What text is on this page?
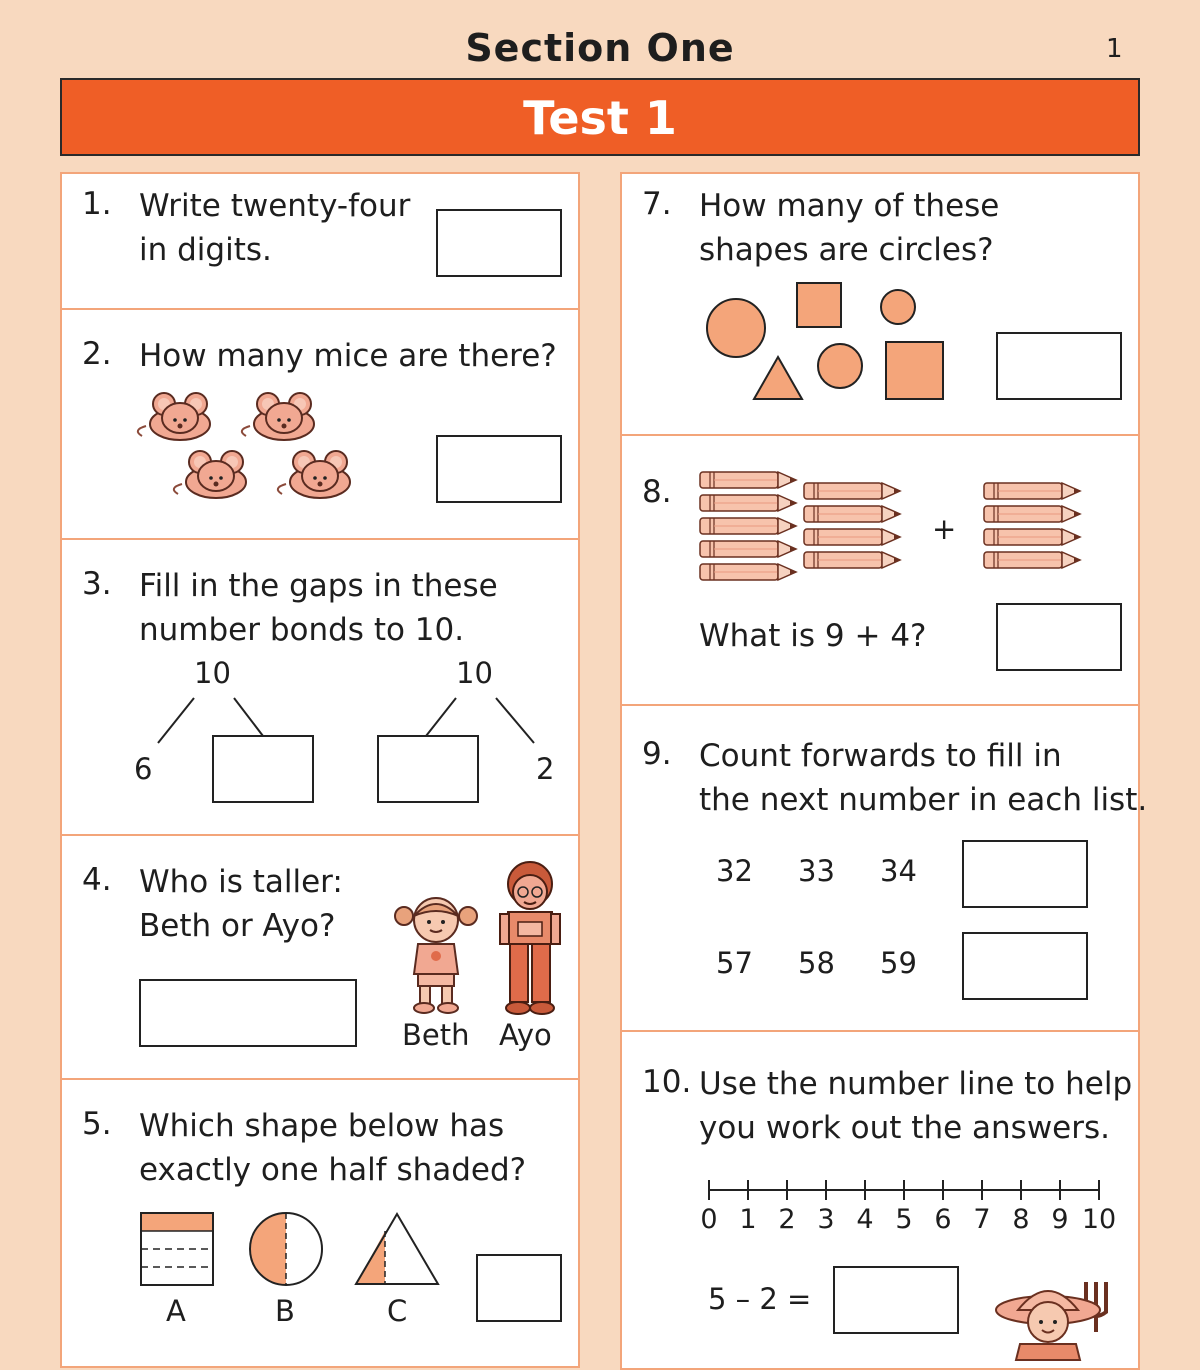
Section One	1
Test 1
1. Write twenty-four
in digits.
2. How many mice are there?
3. Fill in the gaps in these
number bonds to 10.
10
6
10
2
4. Who is taller:
Beth or Ayo?
Beth Ayo
5. Which shape below has
exactly one half shaded?
A	B	C
7. How many of these
shapes are circles?
8.
+
What is 9 + 4?
9. Count forwards to fill in
the next number in each list.
32 33 34
57 58 59
10. Use the number line to help
you work out the answers.
0 1 2 3 4 5 6 7 8 9 10
5 – 2 =
